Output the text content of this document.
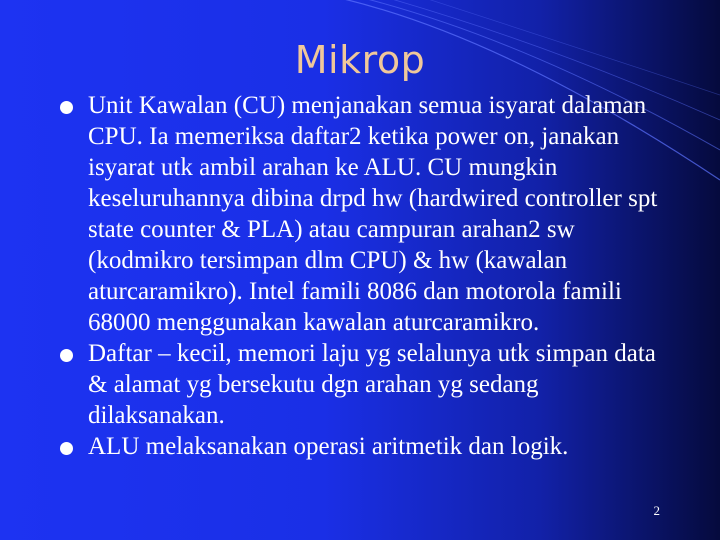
Mikrop
Unit Kawalan (CU) menjanakan semua isyarat dalaman CPU. Ia memeriksa daftar2 ketika power on, janakan isyarat utk ambil arahan ke ALU. CU mungkin keseluruhannya dibina drpd hw (hardwired controller spt state counter & PLA) atau campuran arahan2 sw (kodmikro tersimpan dlm CPU) & hw (kawalan aturcaramikro). Intel famili 8086 dan motorola famili 68000 menggunakan kawalan aturcaramikro.
Daftar – kecil, memori laju yg selalunya utk simpan data & alamat yg bersekutu dgn arahan yg sedang dilaksanakan.
ALU melaksanakan operasi aritmetik dan logik.
2
